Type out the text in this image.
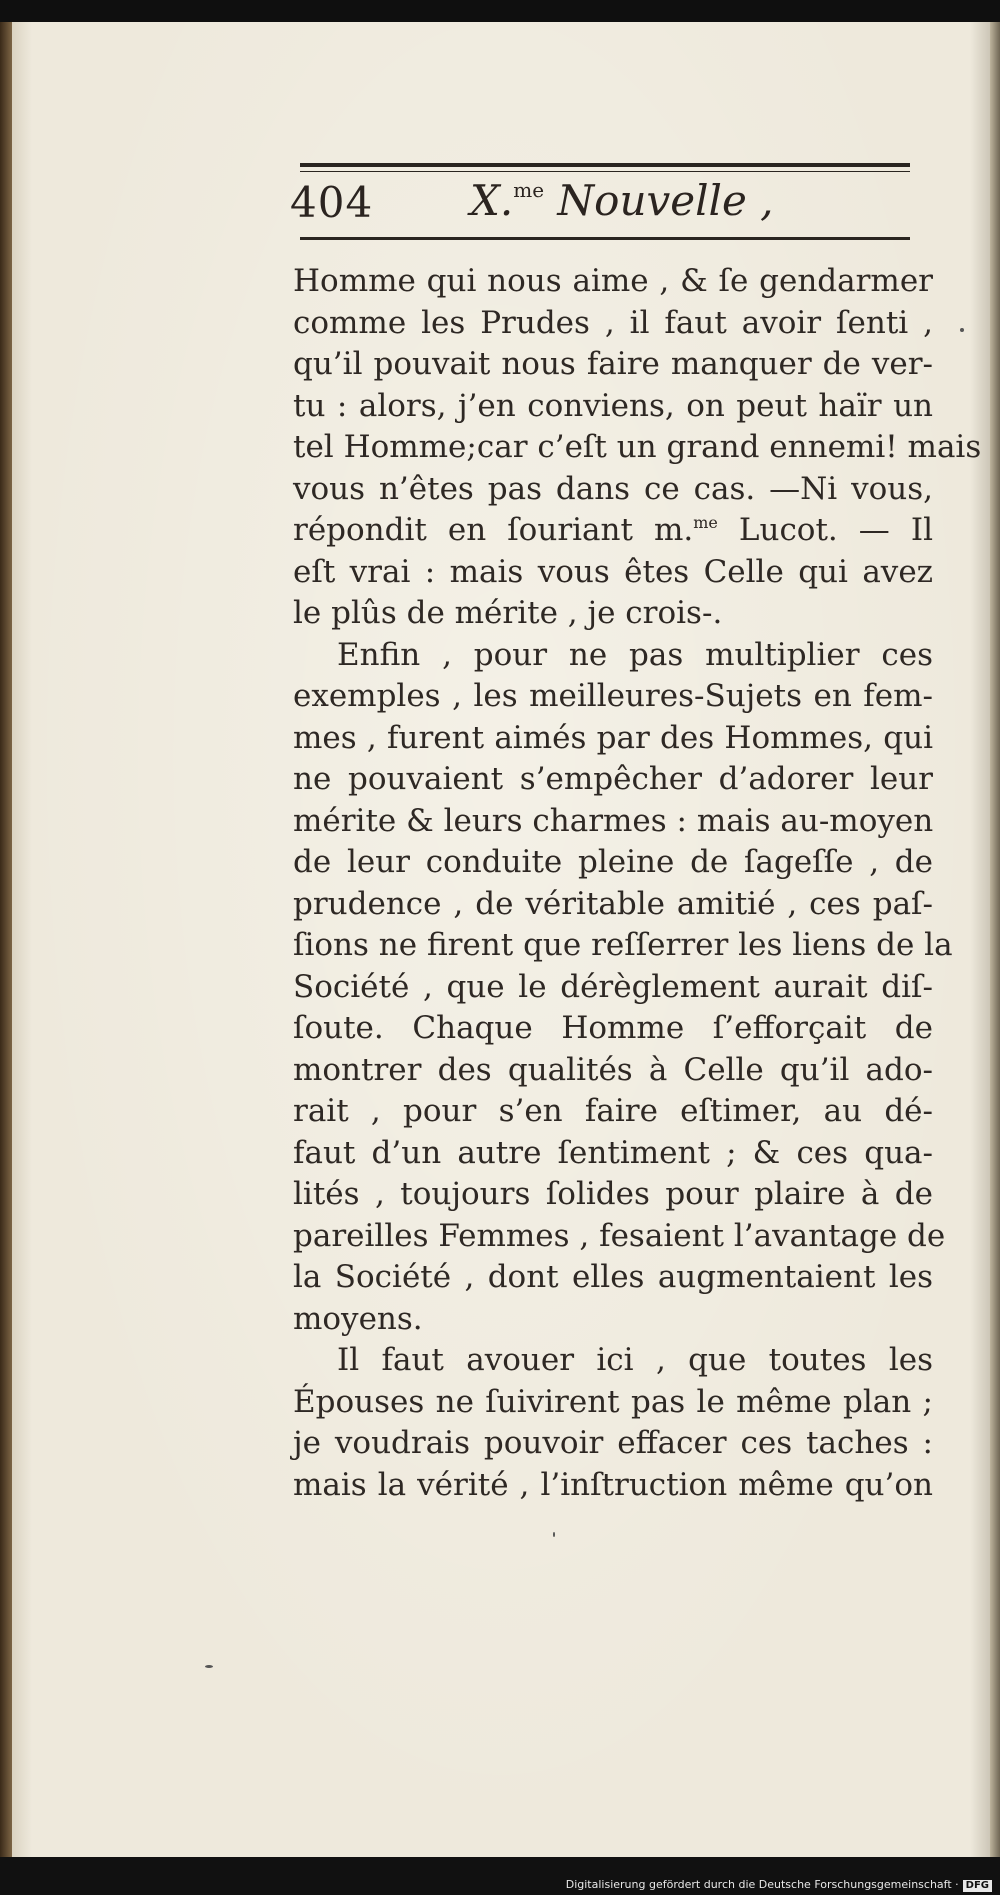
404 X.$^{me}$ Nouvelle ,
Homme qui nous aime , & ſe gendarmer
comme les Prudes , il faut avoir ſenti ,
qu’il pouvait nous faire manquer de ver-
tu : alors, j’en conviens, on peut haïr un
tel Homme;car c’eſt un grand ennemi! mais
vous n’êtes pas dans ce cas. —Ni vous,
répondit en ſouriant m.$^{me}$ Lucot. — Il
eſt vrai : mais vous êtes Celle qui avez
le plûs de mérite , je crois-.
Enfin , pour ne pas multiplier ces
exemples , les meilleures-Sujets en fem-
mes , furent aimés par des Hommes, qui
ne pouvaient s’empêcher d’adorer leur
mérite & leurs charmes : mais au-moyen
de leur conduite pleine de ſageſſe , de
prudence , de véritable amitié , ces paſ-
ſions ne firent que reſſerrer les liens de la
Société , que le dérèglement aurait diſ-
ſoute. Chaque Homme ſ’efforçait de
montrer des qualités à Celle qu’il ado-
rait , pour s’en faire eſtimer, au dé-
faut d’un autre ſentiment ; & ces qua-
lités , toujours ſolides pour plaire à de
pareilles Femmes , fesaient l’avantage de
la Société , dont elles augmentaient les
moyens.
Il faut avouer ici , que toutes les
Épouses ne ſuivirent pas le même plan ;
je voudrais pouvoir effacer ces taches :
mais la vérité , l’inſtruction même qu’on
Digitalisierung gefördert durch die Deutsche Forschungsgemeinschaft · DFG
